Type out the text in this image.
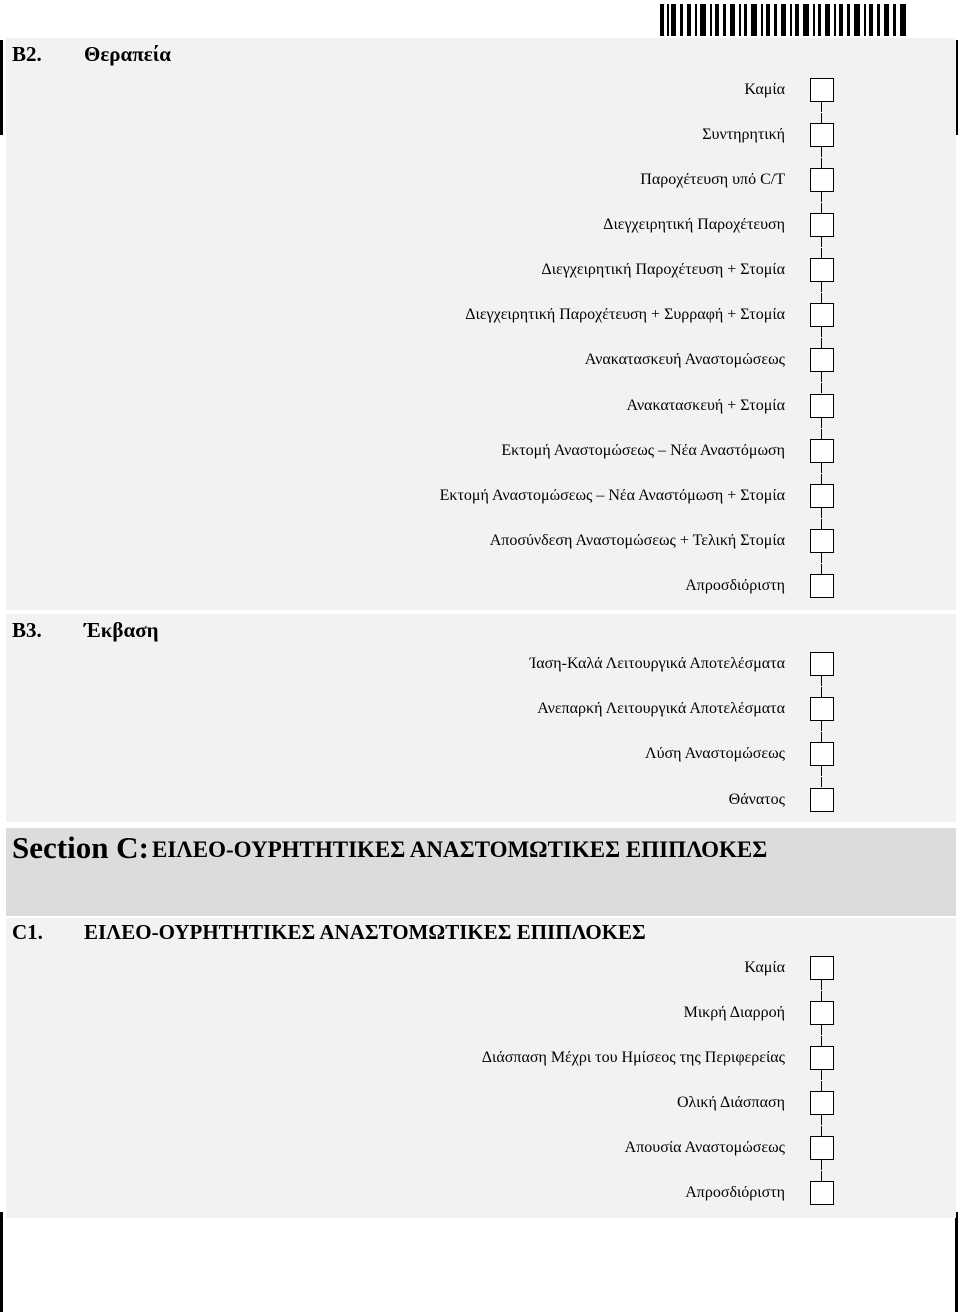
B2. Θεραπεία
Καμία
Συντηρητική
Παροχέτευση υπό C/T
Διεγχειρητική Παροχέτευση
Διεγχειρητική Παροχέτευση + Στομία
Διεγχειρητική Παροχέτευση + Συρραφή + Στομία
Ανακατασκευή Αναστομώσεως
Ανακατασκευή + Στομία
Εκτομή Αναστομώσεως – Νέα Αναστόμωση
Εκτομή Αναστομώσεως – Νέα Αναστόμωση + Στομία
Αποσύνδεση Αναστομώσεως + Τελική Στομία
Απροσδιόριστη
B3. Έκβαση
Ίαση-Καλά Λειτουργικά Αποτελέσματα
Ανεπαρκή Λειτουργικά Αποτελέσματα
Λύση Αναστομώσεως
Θάνατος
Section C: ΕΙΛΕΟ-ΟΥΡΗΤΗΤΙΚΕΣ ΑΝΑΣΤΟΜΩΤΙΚΕΣ ΕΠΙΠΛΟΚΕΣ
C1. ΕΙΛΕΟ-ΟΥΡΗΤΗΤΙΚΕΣ ΑΝΑΣΤΟΜΩΤΙΚΕΣ ΕΠΙΠΛΟΚΕΣ
Καμία
Μικρή Διαρροή
Διάσπαση Μέχρι του Ημίσεος της Περιφερείας
Ολική Διάσπαση
Απουσία Αναστομώσεως
Απροσδιόριστη
